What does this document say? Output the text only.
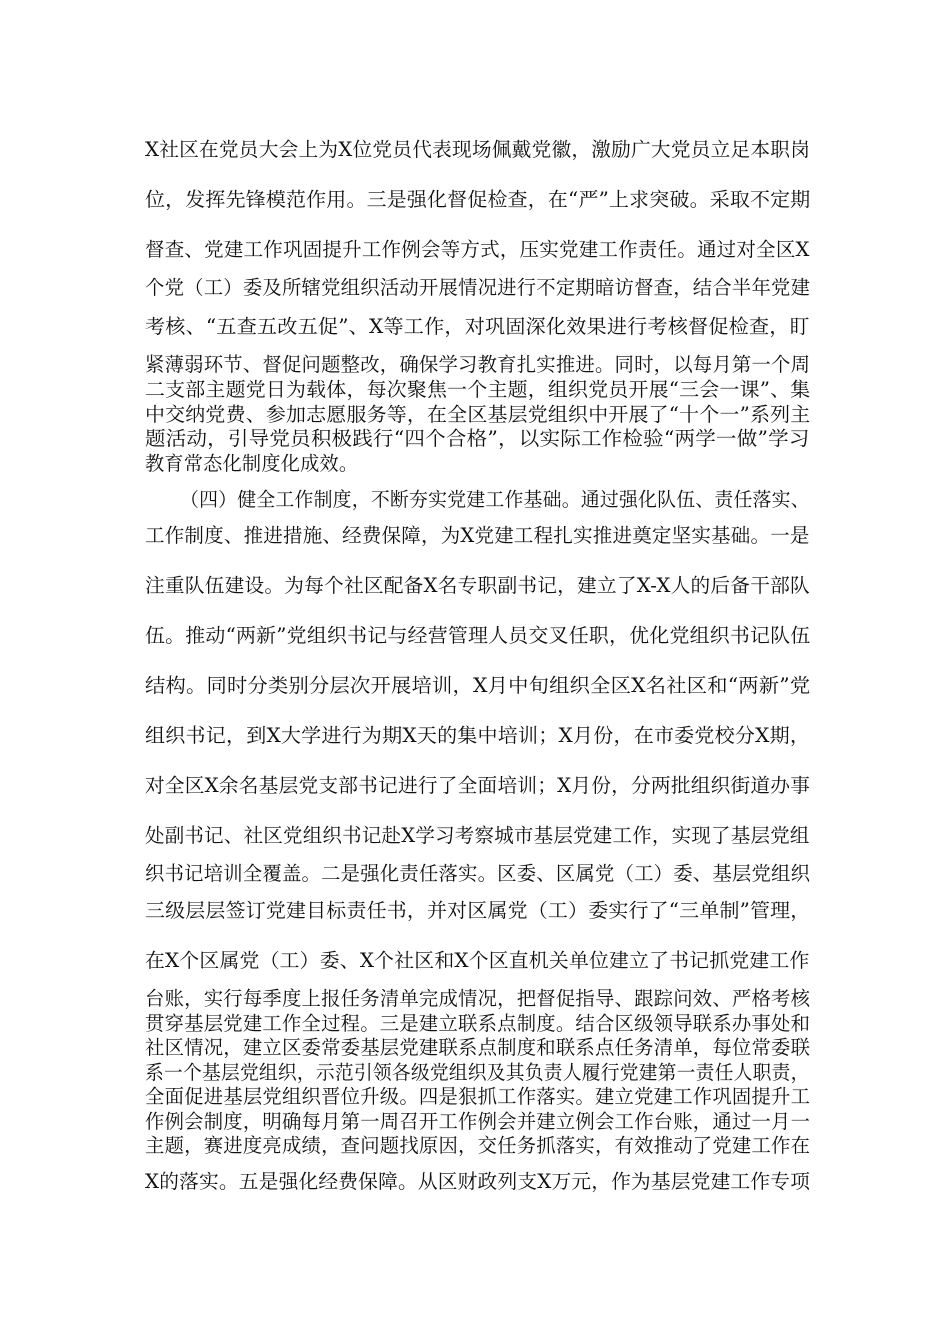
X社区在党员大会上为X位党员代表现场佩戴党徽，激励广大党员立足本职岗
位，发挥先锋模范作用。三是强化督促检查，在“严”上求突破。采取不定期
督查、党建工作巩固提升工作例会等方式，压实党建工作责任。通过对全区X
个党（工）委及所辖党组织活动开展情况进行不定期暗访督查，结合半年党建
考核、“五查五改五促”、X等工作，对巩固深化效果进行考核督促检查，盯
紧薄弱环节、督促问题整改，确保学习教育扎实推进。同时，以每月第一个周
二支部主题党日为载体，每次聚焦一个主题，组织党员开展“三会一课”、集
中交纳党费、参加志愿服务等，在全区基层党组织中开展了“十个一”系列主
题活动，引导党员积极践行“四个合格”，以实际工作检验“两学一做”学习
教育常态化制度化成效。
（四）健全工作制度，不断夯实党建工作基础。通过强化队伍、责任落实、
工作制度、推进措施、经费保障，为X党建工程扎实推进奠定坚实基础。一是
注重队伍建设。为每个社区配备X名专职副书记，建立了X-X人的后备干部队
伍。推动“两新”党组织书记与经营管理人员交叉任职，优化党组织书记队伍
结构。同时分类别分层次开展培训，X月中旬组织全区X名社区和“两新”党
组织书记，到X大学进行为期X天的集中培训；X月份，在市委党校分X期，
对全区X余名基层党支部书记进行了全面培训；X月份，分两批组织街道办事
处副书记、社区党组织书记赴X学习考察城市基层党建工作，实现了基层党组
织书记培训全覆盖。二是强化责任落实。区委、区属党（工）委、基层党组织
三级层层签订党建目标责任书，并对区属党（工）委实行了“三单制”管理，
在X个区属党（工）委、X个社区和X个区直机关单位建立了书记抓党建工作
台账，实行每季度上报任务清单完成情况，把督促指导、跟踪问效、严格考核
贯穿基层党建工作全过程。三是建立联系点制度。结合区级领导联系办事处和
社区情况，建立区委常委基层党建联系点制度和联系点任务清单，每位常委联
系一个基层党组织，示范引领各级党组织及其负责人履行党建第一责任人职责，
全面促进基层党组织晋位升级。四是狠抓工作落实。建立党建工作巩固提升工
作例会制度，明确每月第一周召开工作例会并建立例会工作台账，通过一月一
主题，赛进度亮成绩，查问题找原因，交任务抓落实，有效推动了党建工作在
X的落实。五是强化经费保障。从区财政列支X万元，作为基层党建工作专项
